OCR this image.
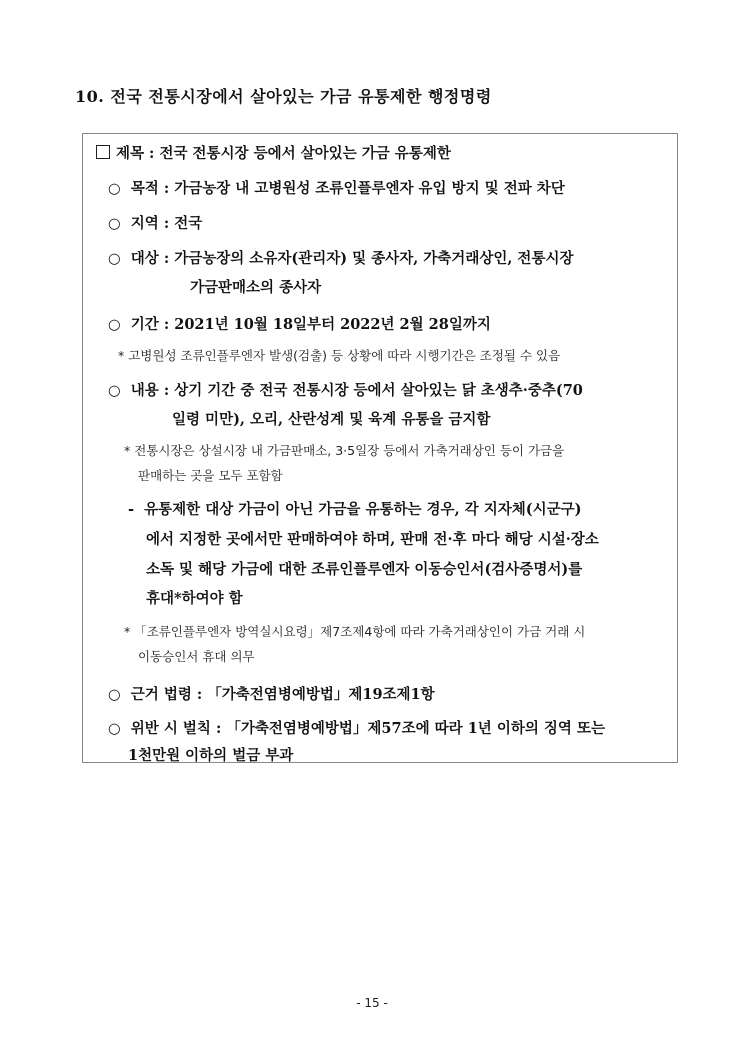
10. 전국 전통시장에서 살아있는 가금 유통제한 행정명령
제목 : 전국 전통시장 등에서 살아있는 가금 유통제한
○ 목적 : 가금농장 내 고병원성 조류인플루엔자 유입 방지 및 전파 차단
○ 지역 : 전국
○ 대상 : 가금농장의 소유자(관리자) 및 종사자, 가축거래상인, 전통시장
가금판매소의 종사자
○ 기간 : 2021년 10월 18일부터 2022년 2월 28일까지
* 고병원성 조류인플루엔자 발생(검출) 등 상황에 따라 시행기간은 조정될 수 있음
○ 내용 : 상기 기간 중 전국 전통시장 등에서 살아있는 닭 초생추·중추(70
일령 미만), 오리, 산란성계 및 육계 유통을 금지함
* 전통시장은 상설시장 내 가금판매소, 3·5일장 등에서 가축거래상인 등이 가금을
판매하는 곳을 모두 포함함
- 유통제한 대상 가금이 아닌 가금을 유통하는 경우, 각 지자체(시군구)
에서 지정한 곳에서만 판매하여야 하며, 판매 전·후 마다 해당 시설·장소
소독 및 해당 가금에 대한 조류인플루엔자 이동승인서(검사증명서)를
휴대*하여야 함
* 「조류인플루엔자 방역실시요령」제7조제4항에 따라 가축거래상인이 가금 거래 시
이동승인서 휴대 의무
○ 근거 법령 : 「가축전염병예방법」제19조제1항
○ 위반 시 벌칙 : 「가축전염병예방법」제57조에 따라 1년 이하의 징역 또는
1천만원 이하의 벌금 부과
- 15 -
